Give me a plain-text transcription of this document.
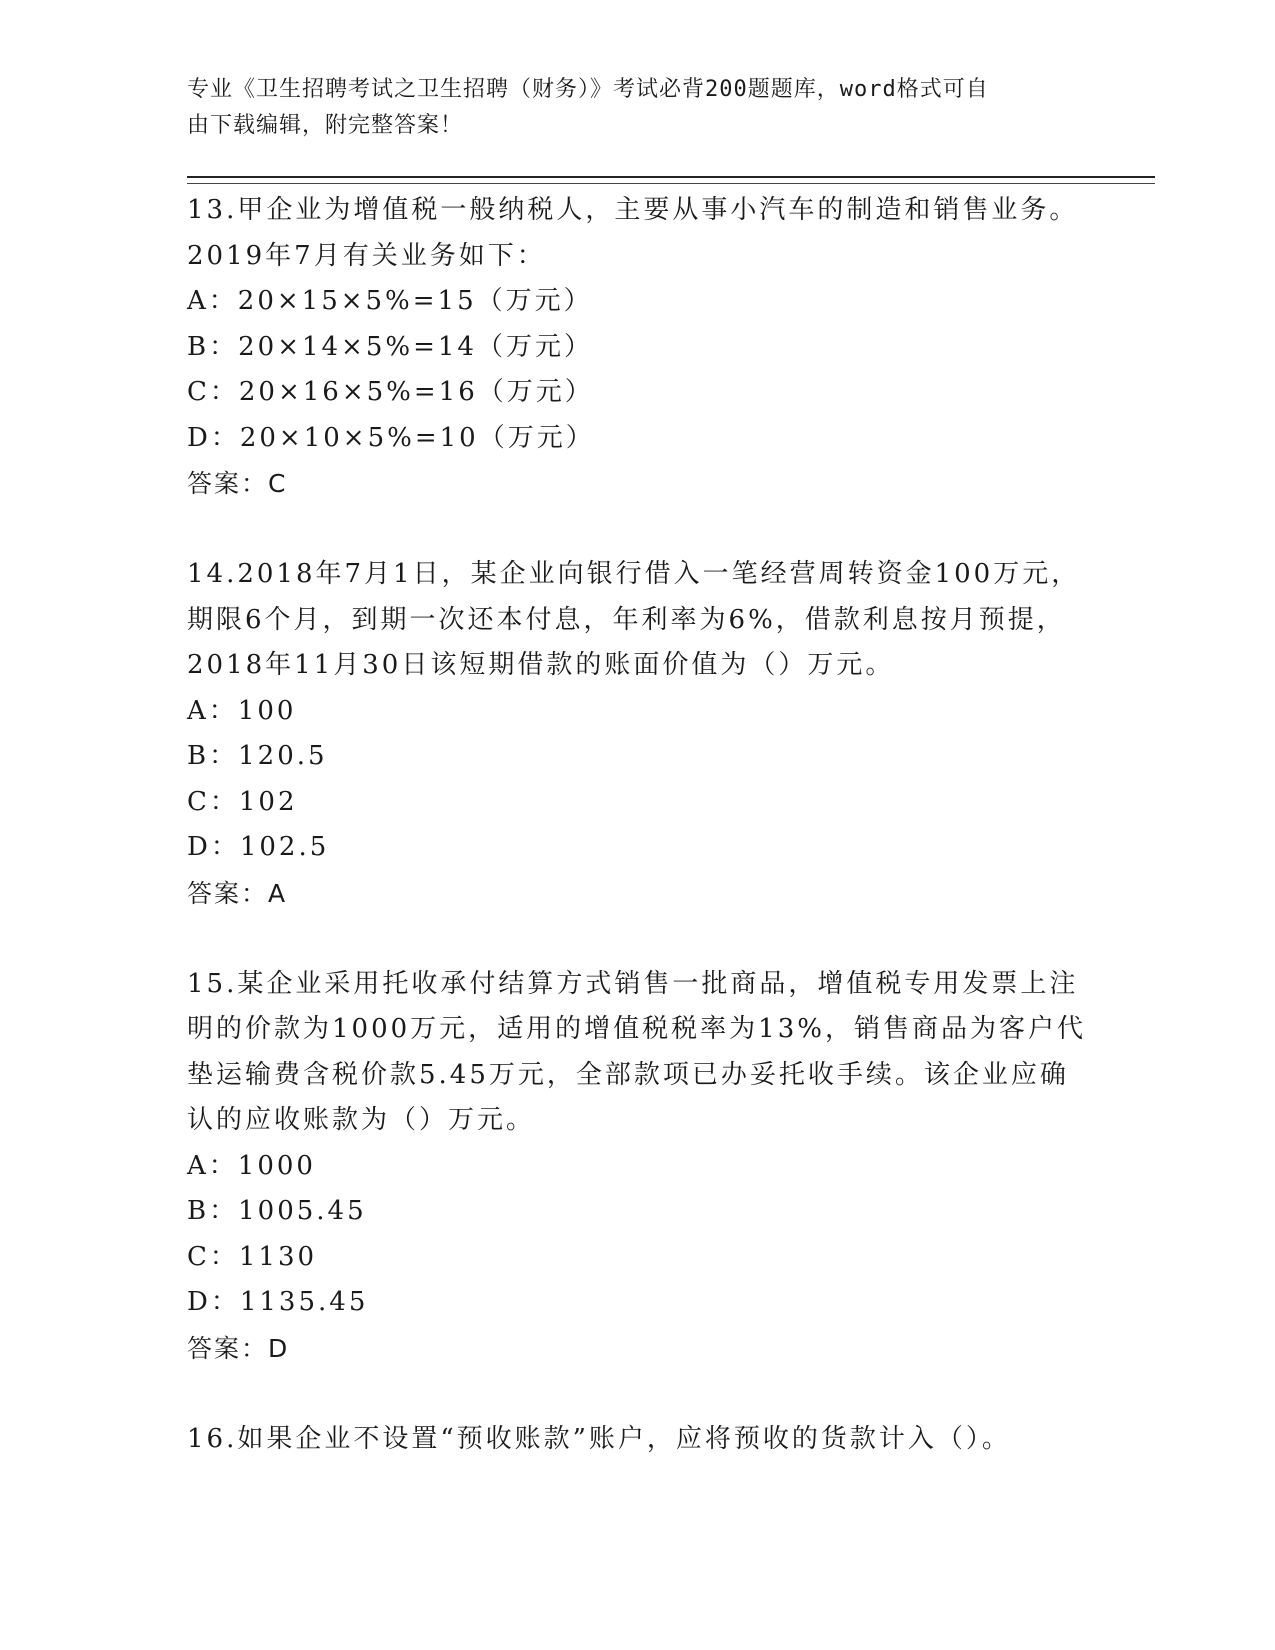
专业《卫生招聘考试之卫生招聘（财务）》考试必背200题题库，word格式可自
由下载编辑，附完整答案！
13.甲企业为增值税一般纳税人，主要从事小汽车的制造和销售业务。
2019年7月有关业务如下：
A：20×15×5%=15（万元）
B：20×14×5%=14（万元）
C：20×16×5%=16（万元）
D：20×10×5%=10（万元）
答案：C
14.2018年7月1日，某企业向银行借入一笔经营周转资金100万元，
期限6个月，到期一次还本付息，年利率为6%，借款利息按月预提，
2018年11月30日该短期借款的账面价值为（）万元。
A：100
B：120.5
C：102
D：102.5
答案：A
15.某企业采用托收承付结算方式销售一批商品，增值税专用发票上注
明的价款为1000万元，适用的增值税税率为13%，销售商品为客户代
垫运输费含税价款5.45万元，全部款项已办妥托收手续。该企业应确
认的应收账款为（）万元。
A：1000
B：1005.45
C：1130
D：1135.45
答案：D
16.如果企业不设置“预收账款”账户，应将预收的货款计入（）。
